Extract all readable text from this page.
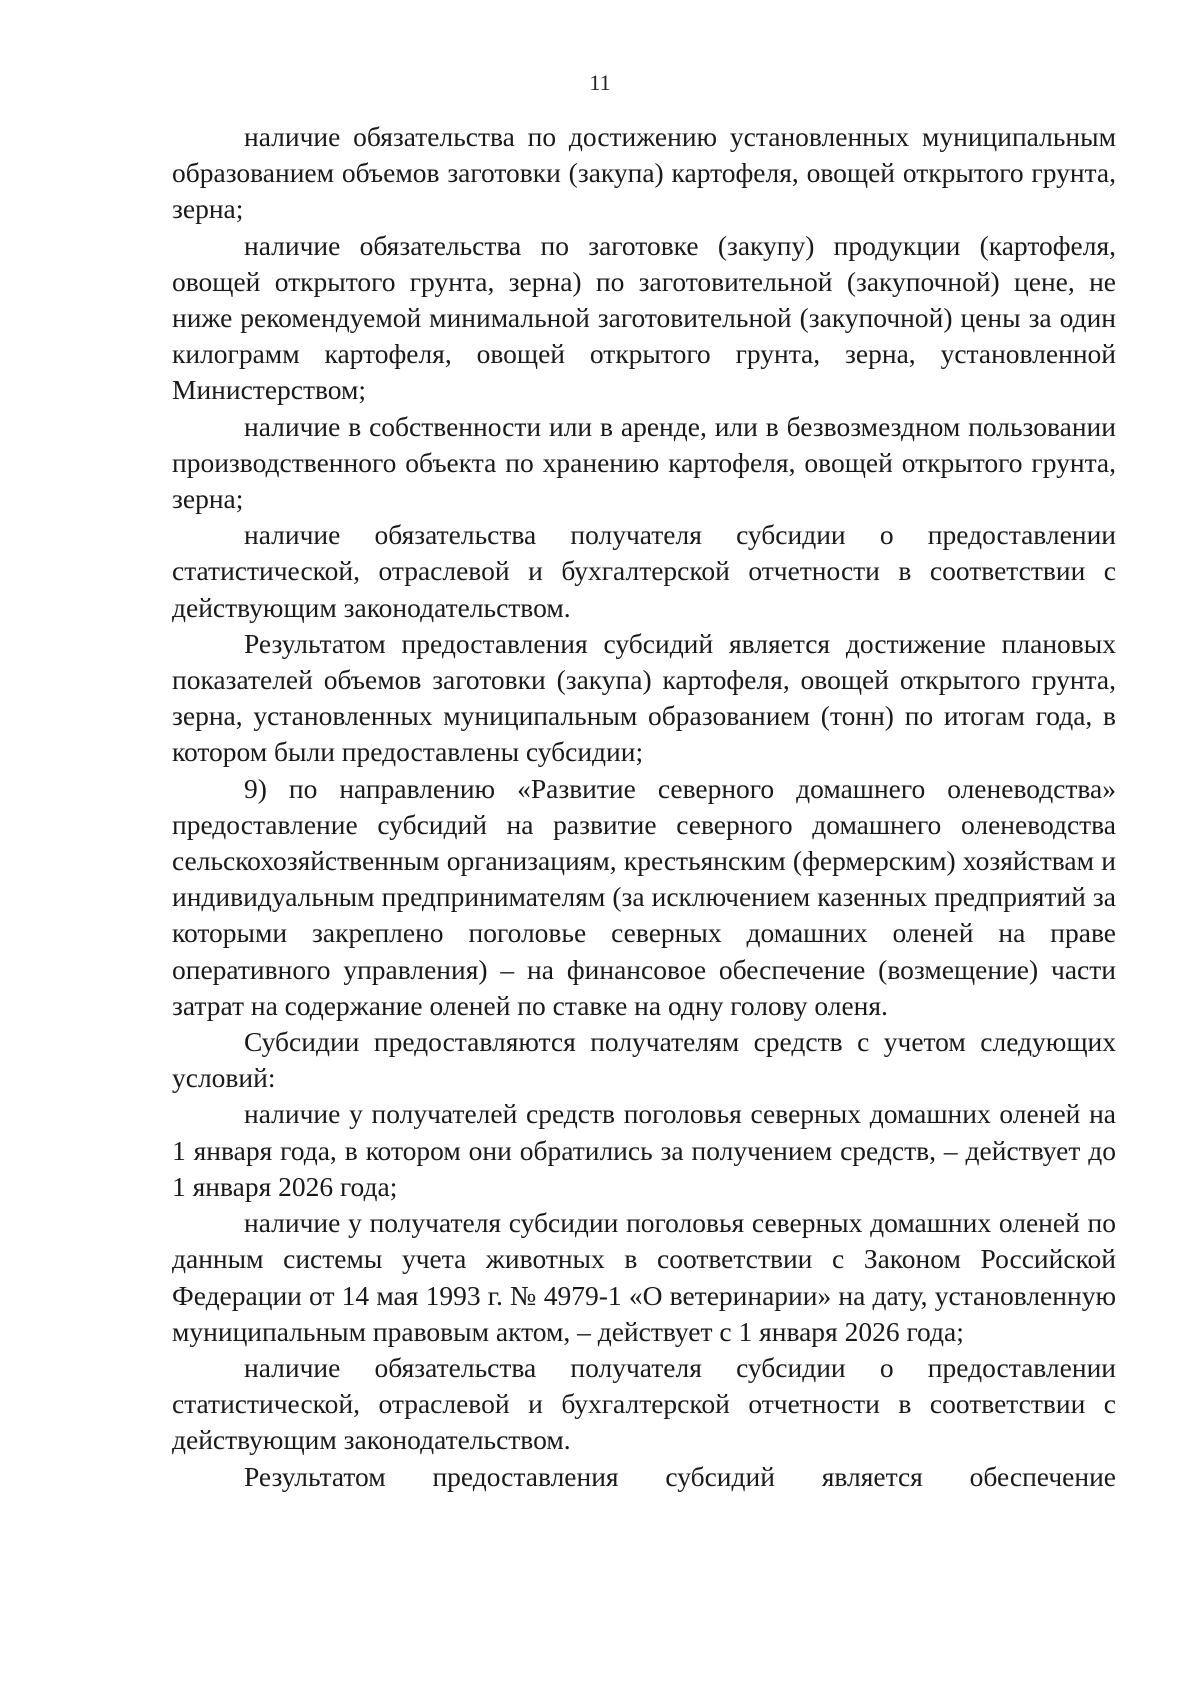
11

наличие обязательства по достижению установленных муниципальным образованием объемов заготовки (закупа) картофеля, овощей открытого грунта, зерна;

наличие обязательства по заготовке (закупу) продукции (картофеля, овощей открытого грунта, зерна) по заготовительной (закупочной) цене, не ниже рекомендуемой минимальной заготовительной (закупочной) цены за один килограмм картофеля, овощей открытого грунта, зерна, установленной Министерством;

наличие в собственности или в аренде, или в безвозмездном пользовании производственного объекта по хранению картофеля, овощей открытого грунта, зерна;

наличие обязательства получателя субсидии о предоставлении статистической, отраслевой и бухгалтерской отчетности в соответствии с действующим законодательством.

Результатом предоставления субсидий является достижение плановых показателей объемов заготовки (закупа) картофеля, овощей открытого грунта, зерна, установленных муниципальным образованием (тонн) по итогам года, в котором были предоставлены субсидии;

9) по направлению «Развитие северного домашнего оленеводства» предоставление субсидий на развитие северного домашнего оленеводства сельскохозяйственным организациям, крестьянским (фермерским) хозяйствам и индивидуальным предпринимателям (за исключением казенных предприятий за которыми закреплено поголовье северных домашних оленей на праве оперативного управления) – на финансовое обеспечение (возмещение) части затрат на содержание оленей по ставке на одну голову оленя.

Субсидии предоставляются получателям средств с учетом следующих условий:

наличие у получателей средств поголовья северных домашних оленей на 1 января года, в котором они обратились за получением средств, – действует до 1 января 2026 года;

наличие у получателя субсидии поголовья северных домашних оленей по данным системы учета животных в соответствии с Законом Российской Федерации от 14 мая 1993 г. № 4979-1 «О ветеринарии» на дату, установленную муниципальным правовым актом, – действует с 1 января 2026 года;

наличие обязательства получателя субсидии о предоставлении статистической, отраслевой и бухгалтерской отчетности в соответствии с действующим законодательством.

Результатом предоставления субсидий является обеспечение
